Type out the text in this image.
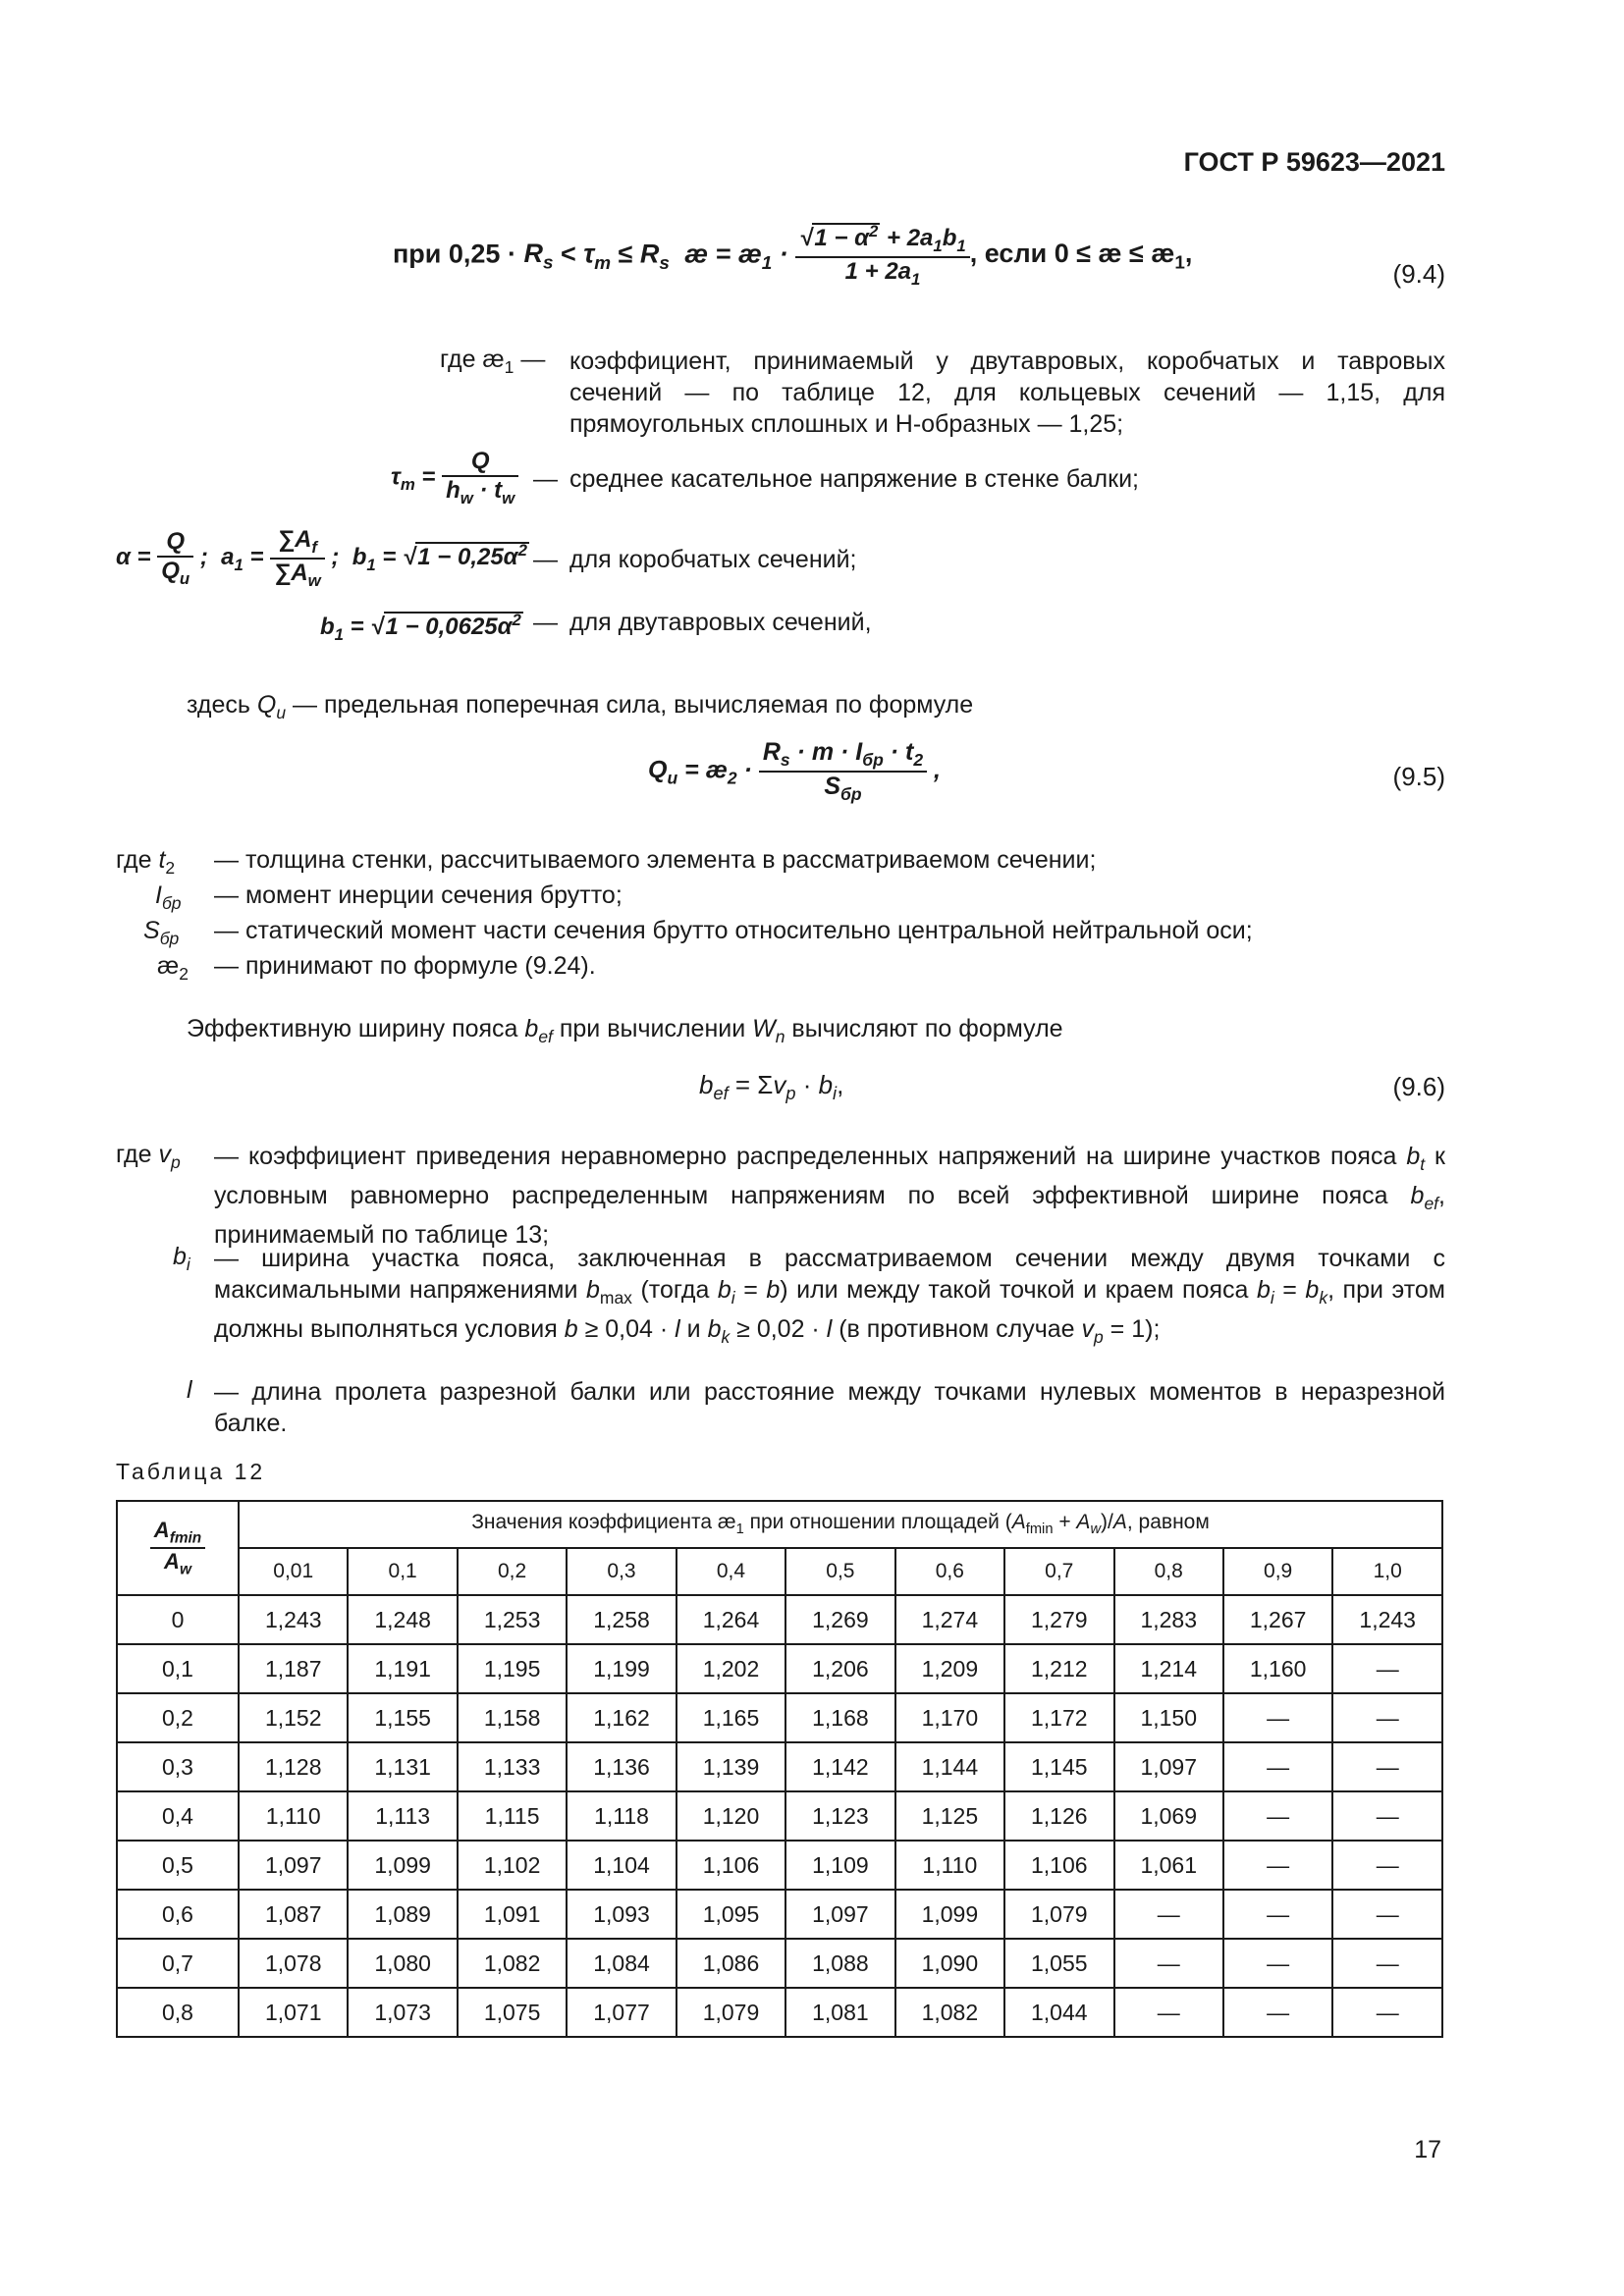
ГОСТ Р 59623—2021
при $0,25 \cdot R_s < \tau_m \le R_s$  æ = $æ_1 \cdot \frac{√1 - \alpha^2 + 2a_1b_1}{1 + 2a_1}$ , если 0 ≤ æ ≤ $æ_1$,
(9.4)
где $æ_1$ — коэффициент, принимаемый у двутавровых, коробчатых и тавровых сечений — по таблице 12, для кольцевых сечений — 1,15, для прямоугольных сплошных и Н-образных — 1,25;
$\tau_m = \frac{Q}{h_w \cdot t_w}$ — среднее касательное напряжение в стенке балки;
$\alpha = \frac{Q}{Q_u}$ ;  $a_1 = \frac{\sum A_f}{\sum A_w}$ ;  $b_1 = √1 - 0,25\alpha^2$ — для коробчатых сечений;
$b_1 = √1 - 0,0625\alpha^2$ — для двутавровых сечений,
здесь $Q_u$ — предельная поперечная сила, вычисляемая по формуле
$Q_u$ = $æ_2 \cdot \frac{R_s \cdot m \cdot I_{бр} \cdot t_2}{S_{бр}}$ ,	(9.5)
где $t_2$ — толщина стенки, рассчитываемого элемента в рассматриваемом сечении;
$I_{бр}$ — момент инерции сечения брутто;
$S_{бр}$ — статический момент части сечения брутто относительно центральной нейтральной оси;
$æ_2$ — принимают по формуле (9.24).
Эффективную ширину пояса $b_{ef}$ при вычислении $W_n$ вычисляют по формуле
$b_{ef} = \Sigma v_p \cdot b_i$,	(9.6)
где $v_p$ — коэффициент приведения неравномерно распределенных напряжений на ширине участков пояса $b_t$ к условным равномерно распределенным напряжениям по всей эффективной ширине пояса $b_{ef}$, принимаемый по таблице 13;
$b_i$ — ширина участка пояса, заключенная в рассматриваемом сечении между двумя точками с максимальными напряжениями $b_{max}$ (тогда $b_i = b$) или между такой точкой и краем пояса $b_i = b_k$, при этом должны выполняться условия b ≥ 0,04 · l и $b_k \ge 0,02 \cdot l$ (в противном случае $v_p = 1$);
l — длина пролета разрезной балки или расстояние между точками нулевых моментов в неразрезной балке.
Таблица 12
$\frac{A_{fmin}}{A_w}$	Значения коэффициента $æ_1$ при отношении площадей $(A_{fmin} + A_w)/A$, равном										
	0,01	0,1	0,2	0,3	0,4	0,5	0,6	0,7	0,8	0,9	1,0
0	1,243	1,248	1,253	1,258	1,264	1,269	1,274	1,279	1,283	1,267	1,243
0,1	1,187	1,191	1,195	1,199	1,202	1,206	1,209	1,212	1,214	1,160	—
0,2	1,152	1,155	1,158	1,162	1,165	1,168	1,170	1,172	1,150	—	—
0,3	1,128	1,131	1,133	1,136	1,139	1,142	1,144	1,145	1,097	—	—
0,4	1,110	1,113	1,115	1,118	1,120	1,123	1,125	1,126	1,069	—	—
0,5	1,097	1,099	1,102	1,104	1,106	1,109	1,110	1,106	1,061	—	—
0,6	1,087	1,089	1,091	1,093	1,095	1,097	1,099	1,079	—	—	—
0,7	1,078	1,080	1,082	1,084	1,086	1,088	1,090	1,055	—	—	—
0,8	1,071	1,073	1,075	1,077	1,079	1,081	1,082	1,044	—	—	—
17
